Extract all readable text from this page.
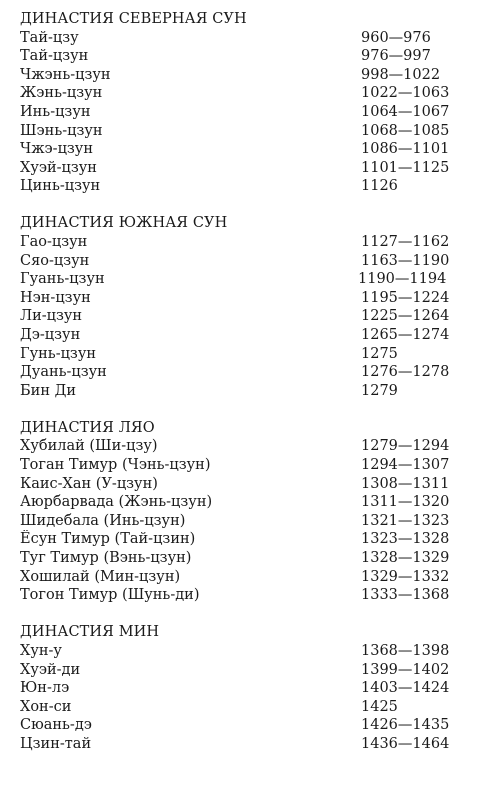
ДИНАСТИЯ СЕВЕРНАЯ СУН
Тай-цзу	960—976
Тай-цзун	976—997
Чжэнь-цзун	998—1022
Жэнь-цзун	1022—1063
Инь-цзун	1064—1067
Шэнь-цзун	1068—1085
Чжэ-цзун	1086—1101
Хуэй-цзун	1101—1125
Цинь-цзун	1126
ДИНАСТИЯ ЮЖНАЯ СУН
Гао-цзун	1127—1162
Сяо-цзун	1163—1190
Гуань-цзун	1190—1194
Нэн-цзун	1195—1224
Ли-цзун	1225—1264
Дэ-цзун	1265—1274
Гунь-цзун	1275
Дуань-цзун	1276—1278
Бин Ди	1279
ДИНАСТИЯ ЛЯО
Хубилай (Ши-цзу)	1279—1294
Тоган Тимур (Чэнь-цзун)	1294—1307
Каис-Хан (У-цзун)	1308—1311
Аюрбарвада (Жэнь-цзун)	1311—1320
Шидебала (Инь-цзун)	1321—1323
Ёсун Тимур (Тай-цзин)	1323—1328
Туг Тимур (Вэнь-цзун)	1328—1329
Хошилай (Мин-цзун)	1329—1332
Тогон Тимур (Шунь-ди)	1333—1368
ДИНАСТИЯ МИН
Хун-у	1368—1398
Хуэй-ди	1399—1402
Юн-лэ	1403—1424
Хон-си	1425
Сюань-дэ	1426—1435
Цзин-тай	1436—1464
